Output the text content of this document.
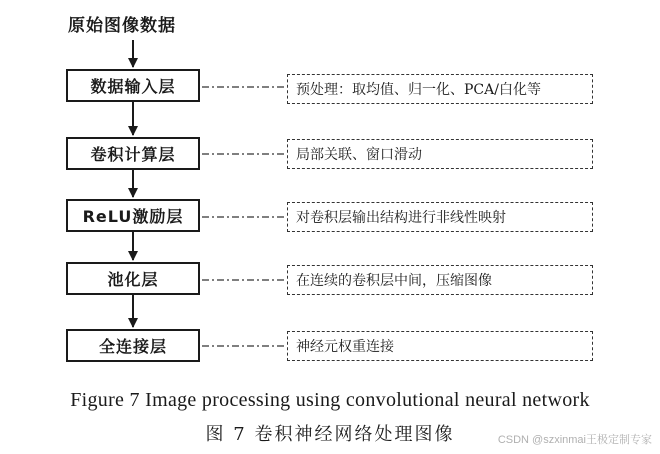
原始图像数据
数据输入层
卷积计算层
ReLU激励层
池化层
全连接层
预处理：取均值、归一化、PCA/白化等
局部关联、窗口滑动
对卷积层输出结构进行非线性映射
在连续的卷积层中间，压缩图像
神经元权重连接
Figure 7 Image processing using convolutional neural network
图 7 卷积神经网络处理图像	CSDN @szxinmai王极定制专家
